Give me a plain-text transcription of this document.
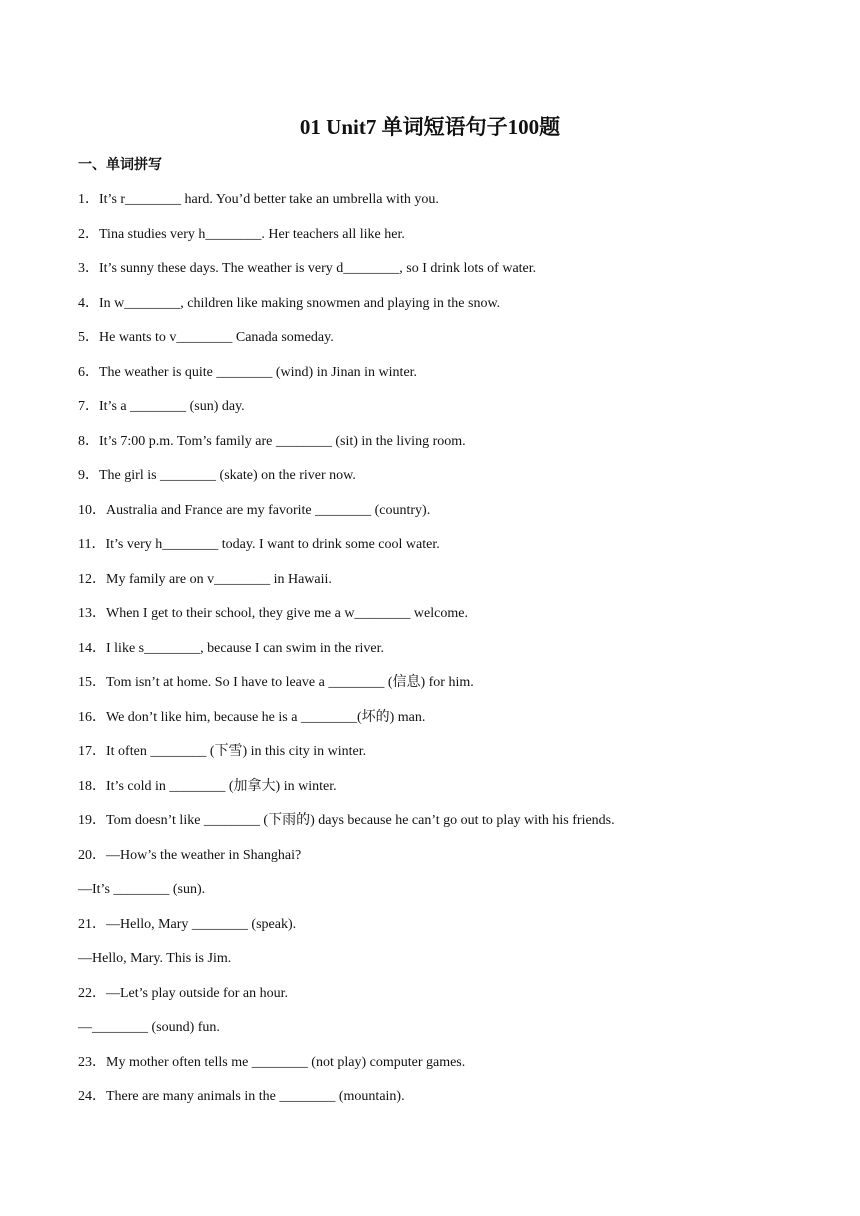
01 Unit7 单词短语句子100题
一、单词拼写
1．It’s r________ hard. You’d better take an umbrella with you.
2．Tina studies very h________. Her teachers all like her.
3．It’s sunny these days. The weather is very d________, so I drink lots of water.
4．In w________, children like making snowmen and playing in the snow.
5．He wants to v________ Canada someday.
6．The weather is quite ________ (wind) in Jinan in winter.
7．It’s a ________ (sun) day.
8．It’s 7:00 p.m. Tom’s family are ________ (sit) in the living room.
9．The girl is ________ (skate) on the river now.
10．Australia and France are my favorite ________ (country).
11．It’s very h________ today. I want to drink some cool water.
12．My family are on v________ in Hawaii.
13．When I get to their school, they give me a w________ welcome.
14．I like s________, because I can swim in the river.
15．Tom isn’t at home. So I have to leave a ________ (信息) for him.
16．We don’t like him, because he is a ________(坏的) man.
17．It often ________ (下雪) in this city in winter.
18．It’s cold in ________ (加拿大) in winter.
19．Tom doesn’t like ________ (下雨的) days because he can’t go out to play with his friends.
20．—How’s the weather in Shanghai?
—It’s ________ (sun).
21．—Hello, Mary ________ (speak).
—Hello, Mary. This is Jim.
22．—Let’s play outside for an hour.
—________ (sound) fun.
23．My mother often tells me ________ (not play) computer games.
24．There are many animals in the ________ (mountain).
